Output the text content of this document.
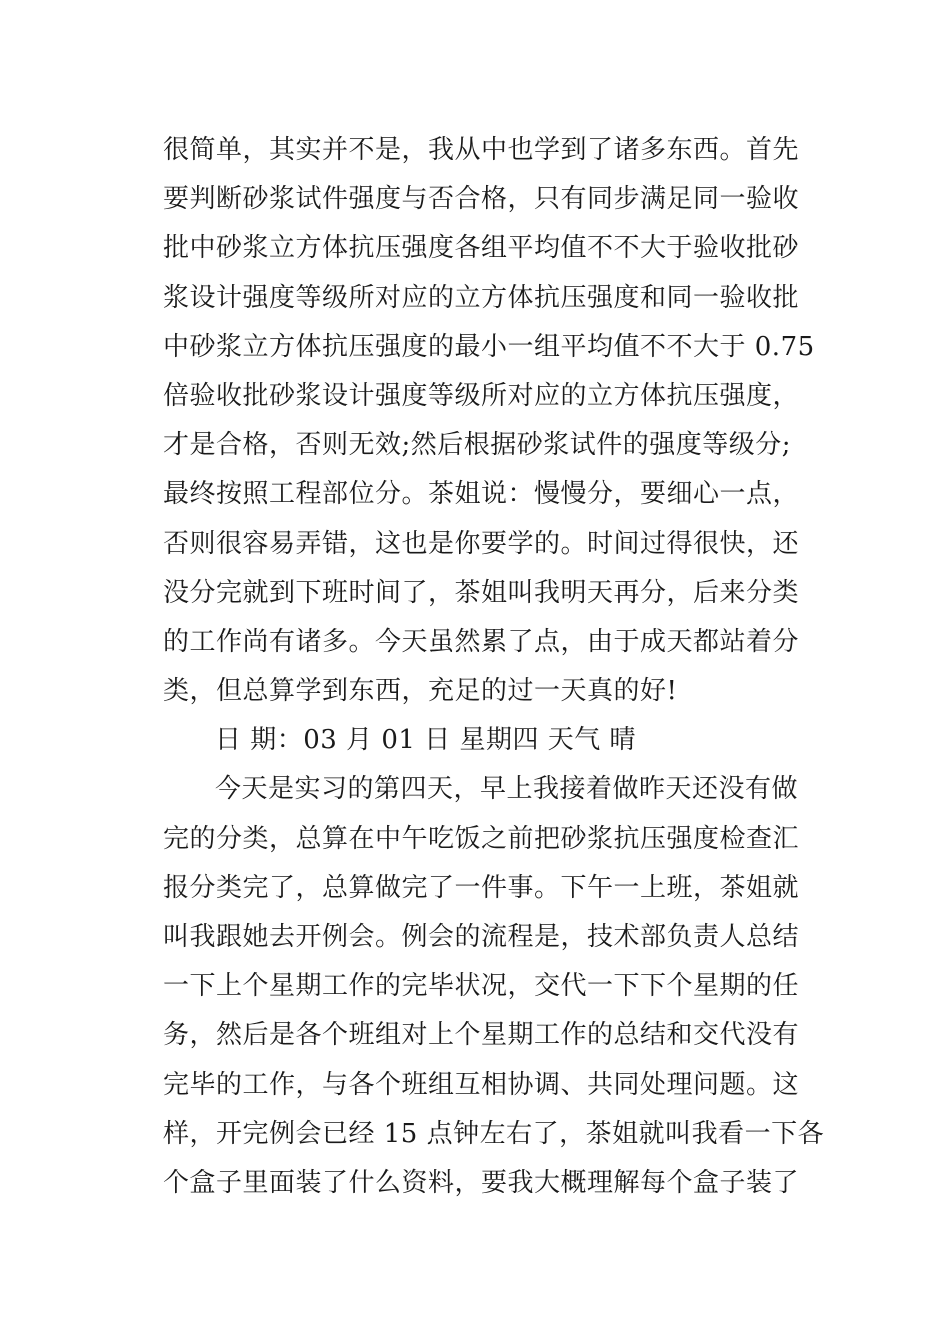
很简单，其实并不是，我从中也学到了诸多东西。首先
要判断砂浆试件强度与否合格，只有同步满足同一验收
批中砂浆立方体抗压强度各组平均值不不大于验收批砂
浆设计强度等级所对应的立方体抗压强度和同一验收批
中砂浆立方体抗压强度的最小一组平均值不不大于 0.75
倍验收批砂浆设计强度等级所对应的立方体抗压强度，
才是合格，否则无效;然后根据砂浆试件的强度等级分;
最终按照工程部位分。茶姐说：慢慢分，要细心一点，
否则很容易弄错，这也是你要学的。时间过得很快，还
没分完就到下班时间了，茶姐叫我明天再分，后来分类
的工作尚有诸多。今天虽然累了点，由于成天都站着分
类，但总算学到东西，充足的过一天真的好!
日 期：03 月 01 日 星期四 天气 晴
今天是实习的第四天，早上我接着做昨天还没有做
完的分类，总算在中午吃饭之前把砂浆抗压强度检查汇
报分类完了，总算做完了一件事。下午一上班，茶姐就
叫我跟她去开例会。例会的流程是，技术部负责人总结
一下上个星期工作的完毕状况，交代一下下个星期的任
务，然后是各个班组对上个星期工作的总结和交代没有
完毕的工作，与各个班组互相协调、共同处理问题。这
样，开完例会已经 15 点钟左右了，茶姐就叫我看一下各
个盒子里面装了什么资料，要我大概理解每个盒子装了
